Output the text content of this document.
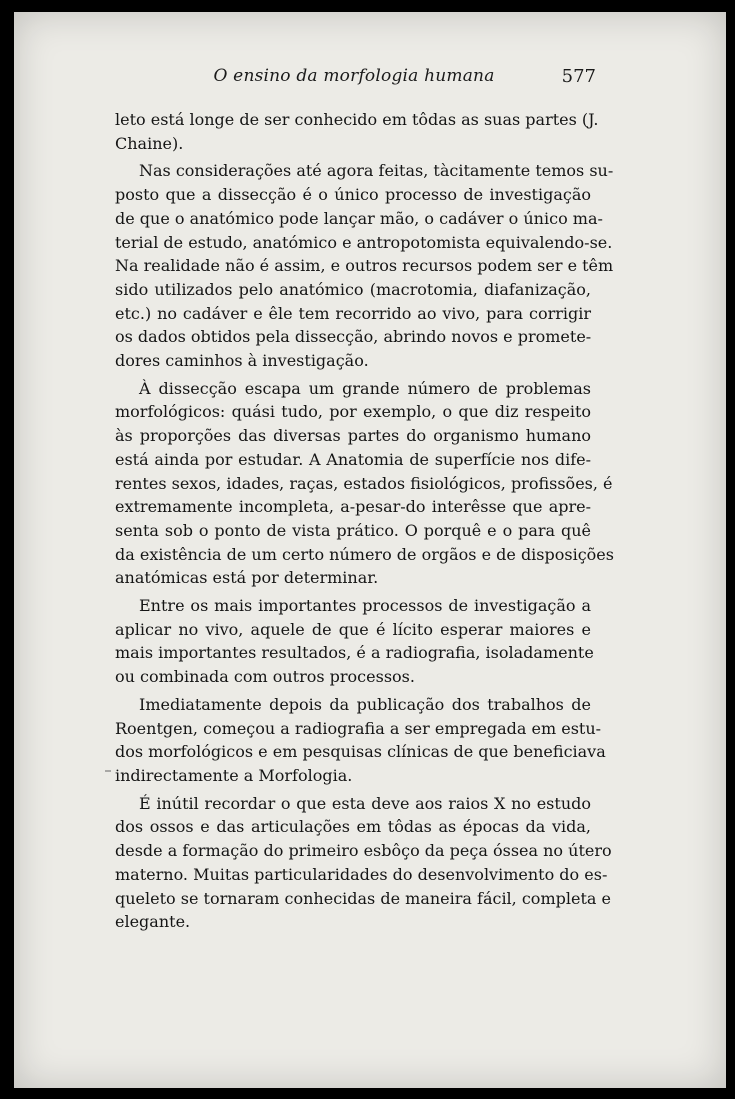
O ensino da morfologia humana	577

leto está longe de ser conhecido em tôdas as suas partes (J.
Chaine).

Nas considerações até agora feitas, tàcitamente temos su-
posto que a dissecção é o único processo de investigação
de que o anatómico pode lançar mão, o cadáver o único ma-
terial de estudo, anatómico e antropotomista equivalendo-se.
Na realidade não é assim, e outros recursos podem ser e têm
sido utilizados pelo anatómico (macrotomia, diafanização,
etc.) no cadáver e êle tem recorrido ao vivo, para corrigir
os dados obtidos pela dissecção, abrindo novos e promete-
dores caminhos à investigação.

À dissecção escapa um grande número de problemas
morfológicos: quási tudo, por exemplo, o que diz respeito
às proporções das diversas partes do organismo humano
está ainda por estudar. A Anatomia de superfície nos dife-
rentes sexos, idades, raças, estados fisiológicos, profissões, é
extremamente incompleta, a-pesar-do interêsse que apre-
senta sob o ponto de vista prático. O porquê e o para quê
da existência de um certo número de orgãos e de disposições
anatómicas está por determinar.

Entre os mais importantes processos de investigação a
aplicar no vivo, aquele de que é lícito esperar maiores e
mais importantes resultados, é a radiografia, isoladamente
ou combinada com outros processos.

Imediatamente depois da publicação dos trabalhos de
Roentgen, começou a radiografia a ser empregada em estu-
dos morfológicos e em pesquisas clínicas de que beneficiava
indirectamente a Morfologia.

É inútil recordar o que esta deve aos raios X no estudo
dos ossos e das articulações em tôdas as épocas da vida,
desde a formação do primeiro esbôço da peça óssea no útero
materno. Muitas particularidades do desenvolvimento do es-
queleto se tornaram conhecidas de maneira fácil, completa e
elegante.
